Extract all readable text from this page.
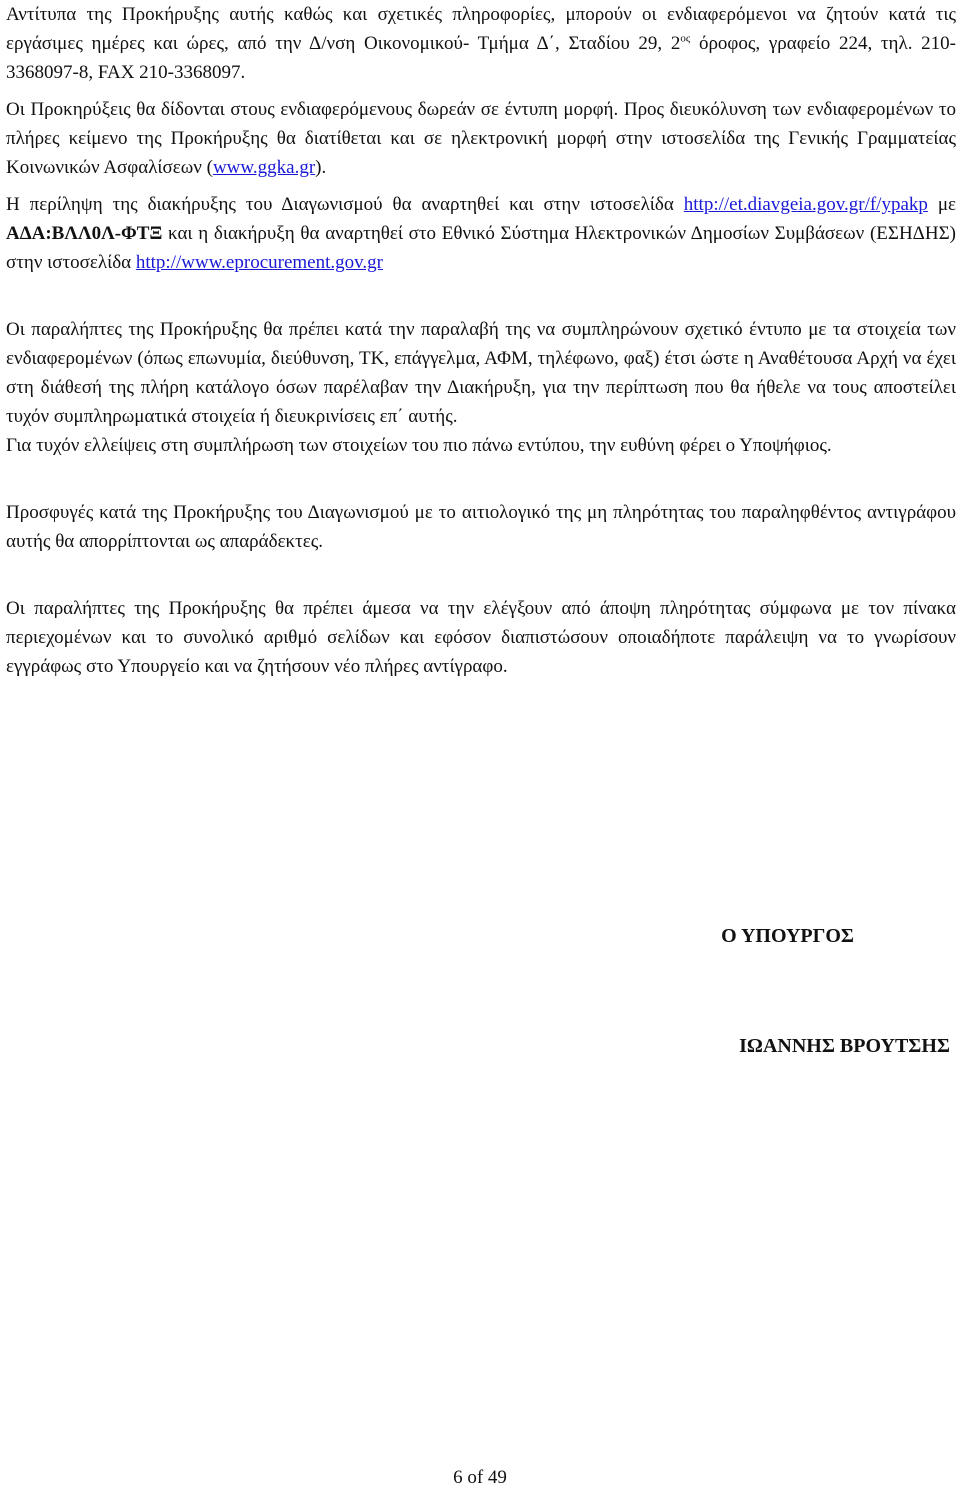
Αντίτυπα της Προκήρυξης αυτής καθώς και σχετικές πληροφορίες, μπορούν οι ενδιαφερόμενοι να ζητούν κατά τις εργάσιμες ημέρες και ώρες, από την Δ/νση Οικονομικού- Τμήμα Δ΄, Σταδίου 29, $2^{o\varsigma}$ όροφος, γραφείο 224, τηλ. 210-3368097-8, FAX 210-3368097.

Οι Προκηρύξεις θα δίδονται στους ενδιαφερόμενους δωρεάν σε έντυπη μορφή. Προς διευκόλυνση των ενδιαφερομένων το πλήρες κείμενο της Προκήρυξης θα διατίθεται και σε ηλεκτρονική μορφή στην ιστοσελίδα της Γενικής Γραμματείας Κοινωνικών Ασφαλίσεων (www.ggka.gr).

Η περίληψη της διακήρυξης του Διαγωνισμού θα αναρτηθεί και στην ιστοσελίδα http://et.diavgeia.gov.gr/f/ypakp με ΑΔΑ:ΒΛΛ0Λ-ΦΤΞ και η διακήρυξη θα αναρτηθεί στο Εθνικό Σύστημα Ηλεκτρονικών Δημοσίων Συμβάσεων (ΕΣΗΔΗΣ) στην ιστοσελίδα http://www.eprocurement.gov.gr

Οι παραλήπτες της Προκήρυξης θα πρέπει κατά την παραλαβή της να συμπληρώνουν σχετικό έντυπο με τα στοιχεία των ενδιαφερομένων (όπως επωνυμία, διεύθυνση, ΤΚ, επάγγελμα, ΑΦΜ, τηλέφωνο, φαξ) έτσι ώστε η Αναθέτουσα Αρχή να έχει στη διάθεσή της πλήρη κατάλογο όσων παρέλαβαν την Διακήρυξη, για την περίπτωση που θα ήθελε να τους αποστείλει τυχόν συμπληρωματικά στοιχεία ή διευκρινίσεις επ΄ αυτής.

Για τυχόν ελλείψεις στη συμπλήρωση των στοιχείων του πιο πάνω εντύπου, την ευθύνη φέρει ο Υποψήφιος.

Προσφυγές κατά της Προκήρυξης του Διαγωνισμού με το αιτιολογικό της μη πληρότητας του παραληφθέντος αντιγράφου αυτής θα απορρίπτονται ως απαράδεκτες.

Οι παραλήπτες της Προκήρυξης θα πρέπει άμεσα να την ελέγξουν από άποψη πληρότητας σύμφωνα με τον πίνακα περιεχομένων και το συνολικό αριθμό σελίδων και εφόσον διαπιστώσουν οποιαδήποτε παράλειψη να το γνωρίσουν εγγράφως στο Υπουργείο και να ζητήσουν νέο πλήρες αντίγραφο.

Ο ΥΠΟΥΡΓΟΣ
ΙΩΑΝΝΗΣ ΒΡΟΥΤΣΗΣ
6 of 49
